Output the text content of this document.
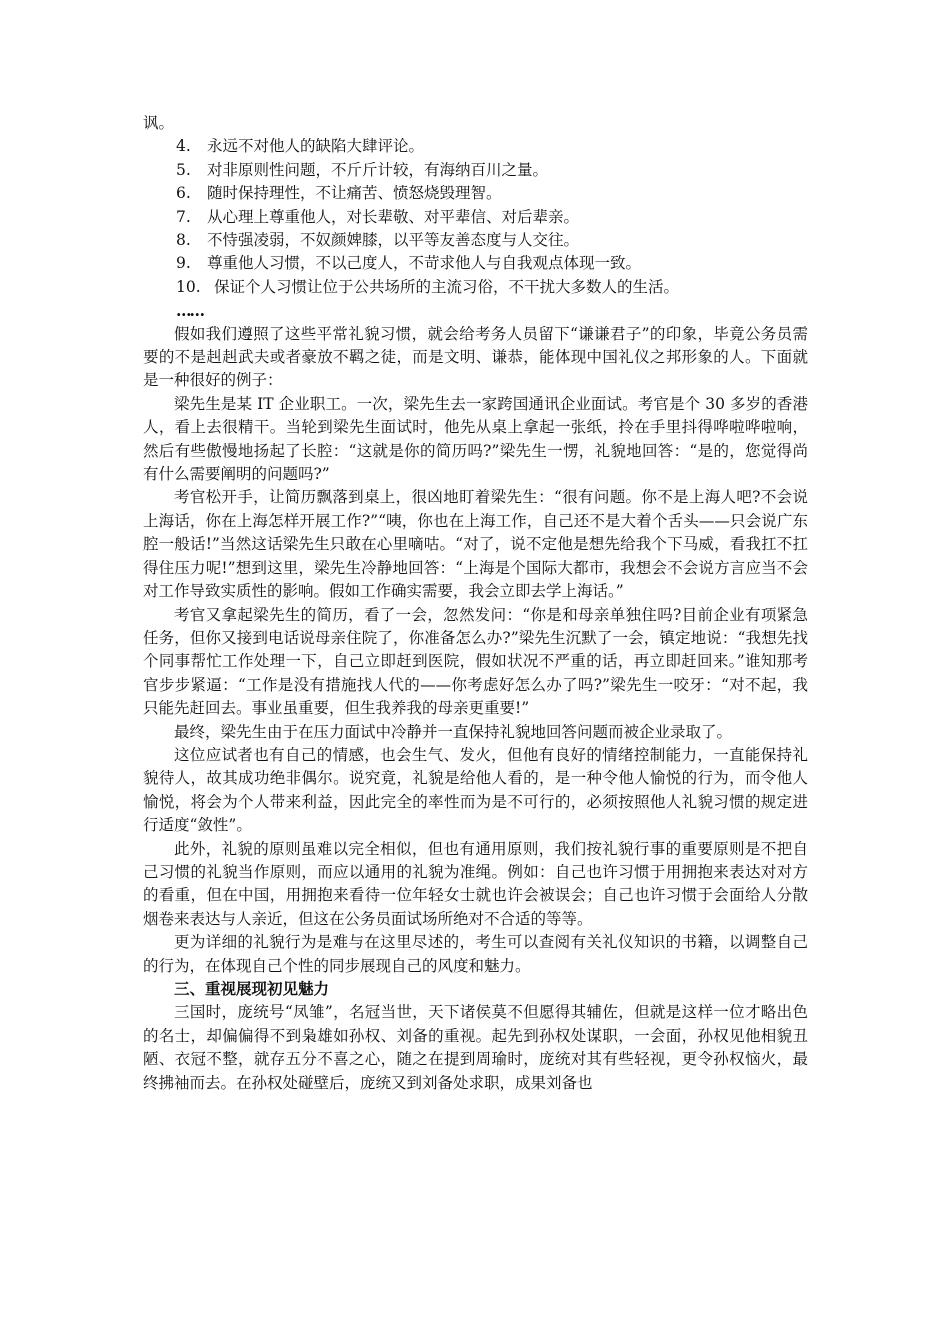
讽。
4. 永远不对他人的缺陷大肆评论。
5. 对非原则性问题，不斤斤计较，有海纳百川之量。
6. 随时保持理性，不让痛苦、愤怒烧毁理智。
7. 从心理上尊重他人，对长辈敬、对平辈信、对后辈亲。
8. 不恃强凌弱，不奴颜婢膝，以平等友善态度与人交往。
9. 尊重他人习惯，不以己度人，不苛求他人与自我观点体现一致。
10. 保证个人习惯让位于公共场所的主流习俗，不干扰大多数人的生活。
……

假如我们遵照了这些平常礼貌习惯，就会给考务人员留下“谦谦君子”的印象，毕竟公务员需要的不是赳赳武夫或者豪放不羁之徒，而是文明、谦恭，能体现中国礼仪之邦形象的人。下面就是一种很好的例子：

梁先生是某 IT 企业职工。一次，梁先生去一家跨国通讯企业面试。考官是个 30 多岁的香港人，看上去很精干。当轮到梁先生面试时，他先从桌上拿起一张纸，拎在手里抖得哗啦哗啦响，然后有些傲慢地扬起了长腔：“这就是你的简历吗?”梁先生一愣，礼貌地回答：“是的，您觉得尚有什么需要阐明的问题吗?”

考官松开手，让简历飘落到桌上，很凶地盯着梁先生：“很有问题。你不是上海人吧?不会说上海话，你在上海怎样开展工作?”“咦，你也在上海工作，自己还不是大着个舌头——只会说广东腔一般话!”当然这话梁先生只敢在心里嘀咕。“对了，说不定他是想先给我个下马威，看我扛不扛得住压力呢!”想到这里，梁先生冷静地回答：“上海是个国际大都市，我想会不会说方言应当不会对工作导致实质性的影响。假如工作确实需要，我会立即去学上海话。”

考官又拿起梁先生的简历，看了一会，忽然发问：“你是和母亲单独住吗?目前企业有项紧急任务，但你又接到电话说母亲住院了，你准备怎么办?”梁先生沉默了一会，镇定地说：“我想先找个同事帮忙工作处理一下，自己立即赶到医院，假如状况不严重的话，再立即赶回来。”谁知那考官步步紧逼：“工作是没有措施找人代的——你考虑好怎么办了吗?”梁先生一咬牙：“对不起，我只能先赶回去。事业虽重要，但生我养我的母亲更重要!”

最终，梁先生由于在压力面试中冷静并一直保持礼貌地回答问题而被企业录取了。

这位应试者也有自己的情感，也会生气、发火，但他有良好的情绪控制能力，一直能保持礼貌待人，故其成功绝非偶尔。说究竟，礼貌是给他人看的，是一种令他人愉悦的行为，而令他人愉悦，将会为个人带来利益，因此完全的率性而为是不可行的，必须按照他人礼貌习惯的规定进行适度“敛性”。

此外，礼貌的原则虽难以完全相似，但也有通用原则，我们按礼貌行事的重要原则是不把自己习惯的礼貌当作原则，而应以通用的礼貌为准绳。例如：自己也许习惯于用拥抱来表达对对方的看重，但在中国，用拥抱来看待一位年轻女士就也许会被误会；自己也许习惯于会面给人分散烟卷来表达与人亲近，但这在公务员面试场所绝对不合适的等等。

更为详细的礼貌行为是难与在这里尽述的，考生可以查阅有关礼仪知识的书籍，以调整自己的行为，在体现自己个性的同步展现自己的风度和魅力。

三、重视展现初见魅力

三国时，庞统号“凤雏”，名冠当世，天下诸侯莫不但愿得其辅佐，但就是这样一位才略出色的名士，却偏偏得不到枭雄如孙权、刘备的重视。起先到孙权处谋职，一会面，孙权见他相貌丑陋、衣冠不整，就存五分不喜之心，随之在提到周瑜时，庞统对其有些轻视，更令孙权恼火，最终拂袖而去。在孙权处碰壁后，庞统又到刘备处求职，成果刘备也
